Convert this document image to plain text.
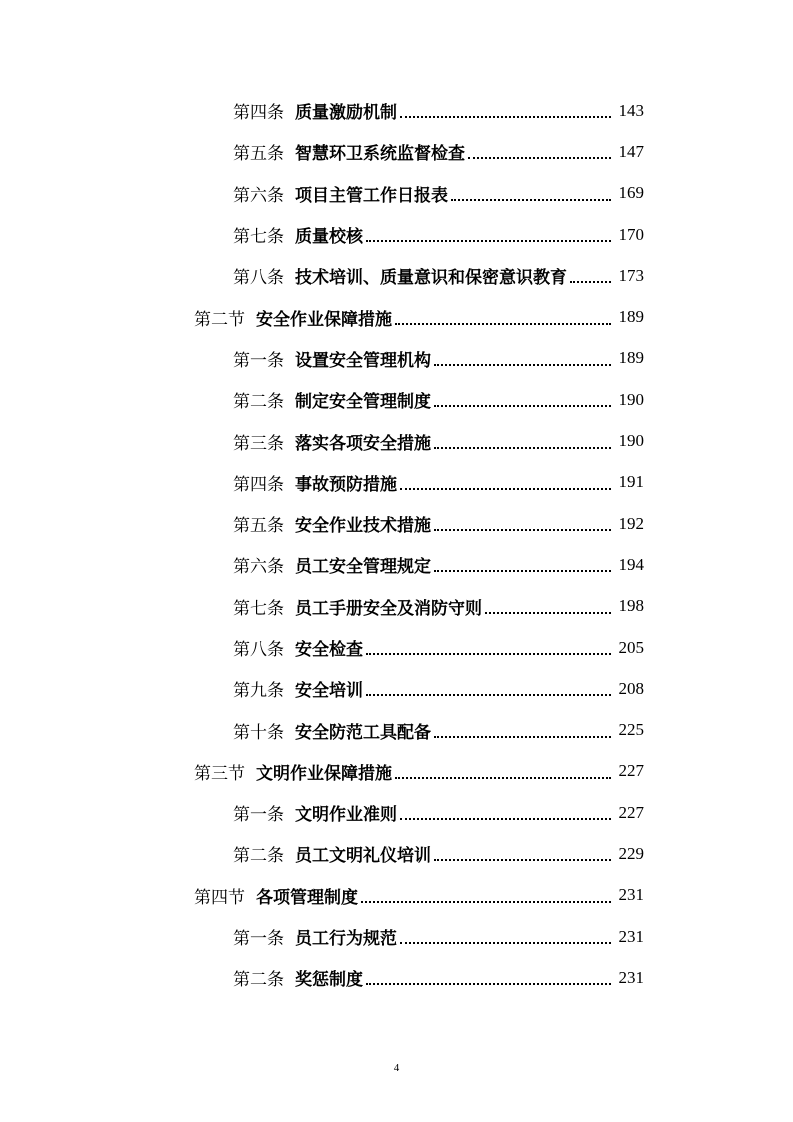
第四条 质量激励机制	143
第五条 智慧环卫系统监督检查	147
第六条 项目主管工作日报表	169
第七条 质量校核	170
第八条 技术培训、质量意识和保密意识教育	173
第二节 安全作业保障措施	189
第一条 设置安全管理机构	189
第二条 制定安全管理制度	190
第三条 落实各项安全措施	190
第四条 事故预防措施	191
第五条 安全作业技术措施	192
第六条 员工安全管理规定	194
第七条 员工手册安全及消防守则	198
第八条 安全检查	205
第九条 安全培训	208
第十条 安全防范工具配备	225
第三节 文明作业保障措施	227
第一条 文明作业准则	227
第二条 员工文明礼仪培训	229
第四节 各项管理制度	231
第一条 员工行为规范	231
第二条 奖惩制度	231
4
